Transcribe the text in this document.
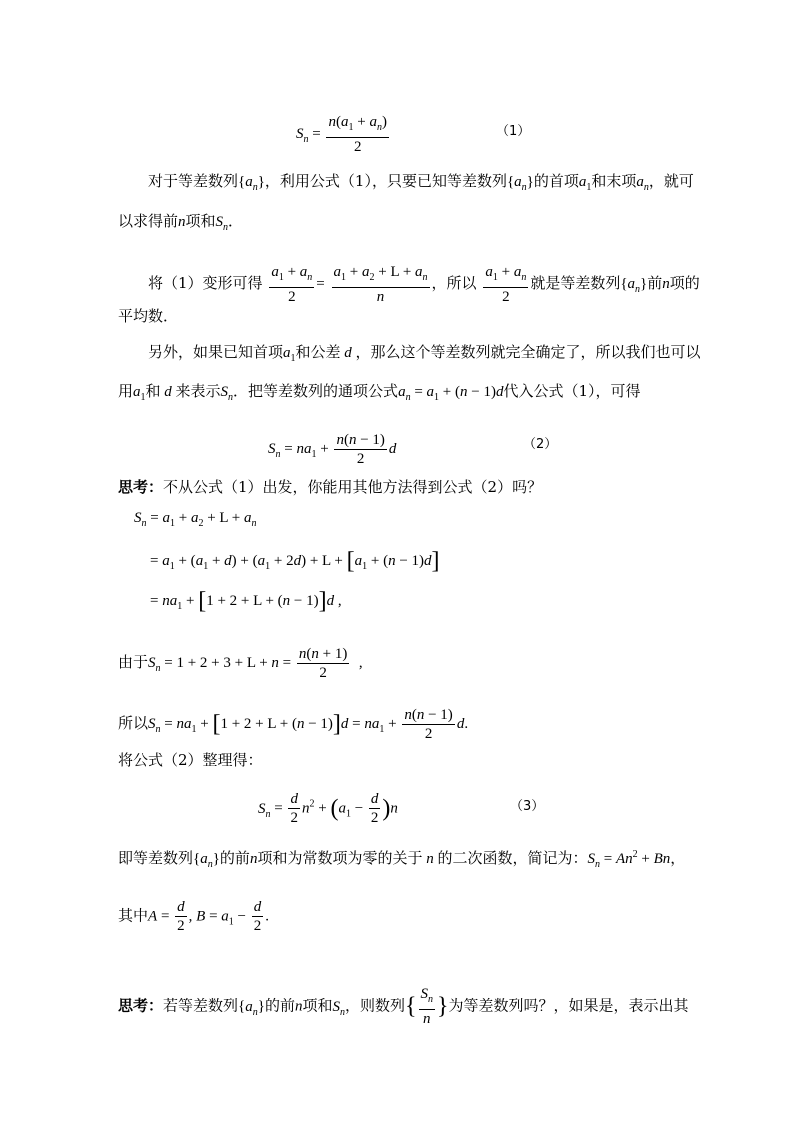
$S_n = \frac{n(a_1 + a_n)}{2}$	（1）
对于等差数列$\{a_n\}$，利用公式（1），只要已知等差数列$\{a_n\}$的首项$a_1$和末项$a_n$，就可
以求得前n项和$S_n$．
将（1）变形可得 $\frac{a_1 + a_n}{2} = \frac{a_1 + a_2 + L + a_n}{n}$ ，所以 $\frac{a_1 + a_n}{2}$ 就是等差数列$\{a_n\}$前n项的
平均数．
另外，如果已知首项$a_1$和公差 d ，那么这个等差数列就完全确定了，所以我们也可以
用$a_1$和 d 来表示$S_n$．把等差数列的通项公式$a_n = a_1 + (n - 1)d$代入公式（1），可得
$S_n = na_1 + \frac{n(n - 1)}{2}$ d	（2）
思考：不从公式（1）出发，你能用其他方法得到公式（2）吗？
$S_n = a_1 + a_2 + L + a_n$
= $a_1 + (a_1 + d) + (a_1 + 2d) + L + [a_1 + (n - 1)d]$
= $na_1 + [1 + 2 + L + (n - 1)]d$ ,
由于$S_n = 1 + 2 + 3 + L + n = \frac{n(n + 1)}{2}$ ,
所以$S_n = na_1 + [1 + 2 + L + (n - 1)]d = na_1 + \frac{n(n - 1)}{2} d$.
将公式（2）整理得：
$S_n = \frac{d}{2} n^2 + (a_1 - \frac{d}{2} )n$	（3）
即等差数列$\{a_n\}$的前n项和为常数项为零的关于 n 的二次函数，简记为：$S_n = An^2 + Bn$，
其中$A = \frac{d}{2}$ , $B = a_1 - \frac{d}{2}$ .
思考：若等差数列$\{a_n\}$的前n项和$S_n$，则数列{ $\frac{S_n}{n}$ }为等差数列吗？，如果是，表示出其
